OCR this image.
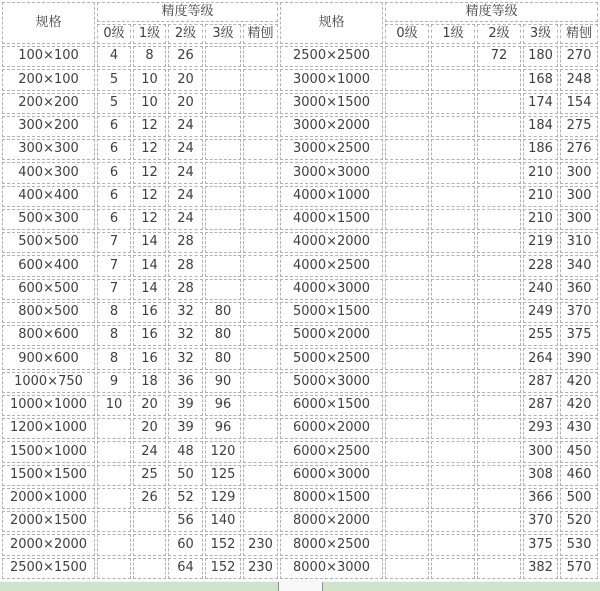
规格	精度等级					规格	精度等级				
	0级	1级	2级	3级	精刨		0级	1级	2级	3级	精刨
100×100	4	8	26			2500×2500			72	180	270
200×100	5	10	20			3000×1000				168	248
200×200	5	10	20			3000×1500				174	154
300×200	6	12	24			3000×2000				184	275
300×300	6	12	24			3000×2500				186	276
400×300	6	12	24			3000×3000				210	300
400×400	6	12	24			4000×1000				210	300
500×300	6	12	24			4000×1500				210	300
500×500	7	14	28			4000×2000				219	310
600×400	7	14	28			4000×2500				228	340
600×500	7	14	28			4000×3000				240	360
800×500	8	16	32	80		5000×1500				249	370
800×600	8	16	32	80		5000×2000				255	375
900×600	8	16	32	80		5000×2500				264	390
1000×750	9	18	36	90		5000×3000				287	420
1000×1000	10	20	39	96		6000×1500				287	420
1200×1000		20	39	96		6000×2000				293	430
1500×1000		24	48	120		6000×2500				300	450
1500×1500		25	50	125		6000×3000				308	460
2000×1000		26	52	129		8000×1500				366	500
2000×1500			56	140		8000×2000				370	520
2000×2000			60	152	230	8000×2500				375	530
2500×1500			64	152	230	8000×3000				382	570
